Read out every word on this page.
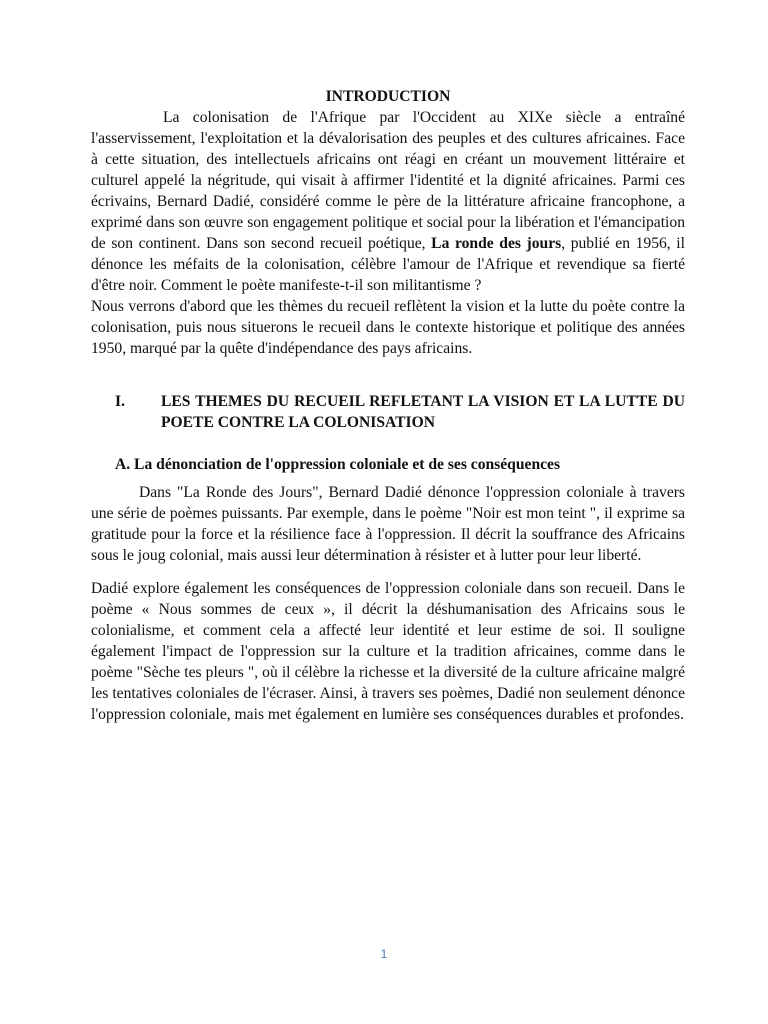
INTRODUCTION

La colonisation de l'Afrique par l'Occident au XIXe siècle a entraîné l'asservissement, l'exploitation et la dévalorisation des peuples et des cultures africaines. Face à cette situation, des intellectuels africains ont réagi en créant un mouvement littéraire et culturel appelé la négritude, qui visait à affirmer l'identité et la dignité africaines. Parmi ces écrivains, Bernard Dadié, considéré comme le père de la littérature africaine francophone, a exprimé dans son œuvre son engagement politique et social pour la libération et l'émancipation de son continent. Dans son second recueil poétique, La ronde des jours, publié en 1956, il dénonce les méfaits de la colonisation, célèbre l'amour de l'Afrique et revendique sa fierté d'être noir. Comment le poète manifeste-t-il son militantisme ?

Nous verrons d'abord que les thèmes du recueil reflètent la vision et la lutte du poète contre la colonisation, puis nous situerons le recueil dans le contexte historique et politique des années 1950, marqué par la quête d'indépendance des pays africains.

I.	LES THEMES DU RECUEIL REFLETANT LA VISION ET LA LUTTE DU POETE CONTRE LA COLONISATION
A. La dénonciation de l'oppression coloniale et de ses conséquences

Dans "La Ronde des Jours", Bernard Dadié dénonce l'oppression coloniale à travers une série de poèmes puissants. Par exemple, dans le poème "Noir est mon teint ", il exprime sa gratitude pour la force et la résilience face à l'oppression. Il décrit la souffrance des Africains sous le joug colonial, mais aussi leur détermination à résister et à lutter pour leur liberté.

Dadié explore également les conséquences de l'oppression coloniale dans son recueil. Dans le poème « Nous sommes de ceux », il décrit la déshumanisation des Africains sous le colonialisme, et comment cela a affecté leur identité et leur estime de soi. Il souligne également l'impact de l'oppression sur la culture et la tradition africaines, comme dans le poème "Sèche tes pleurs ", où il célèbre la richesse et la diversité de la culture africaine malgré les tentatives coloniales de l'écraser. Ainsi, à travers ses poèmes, Dadié non seulement dénonce l'oppression coloniale, mais met également en lumière ses conséquences durables et profondes.

1
